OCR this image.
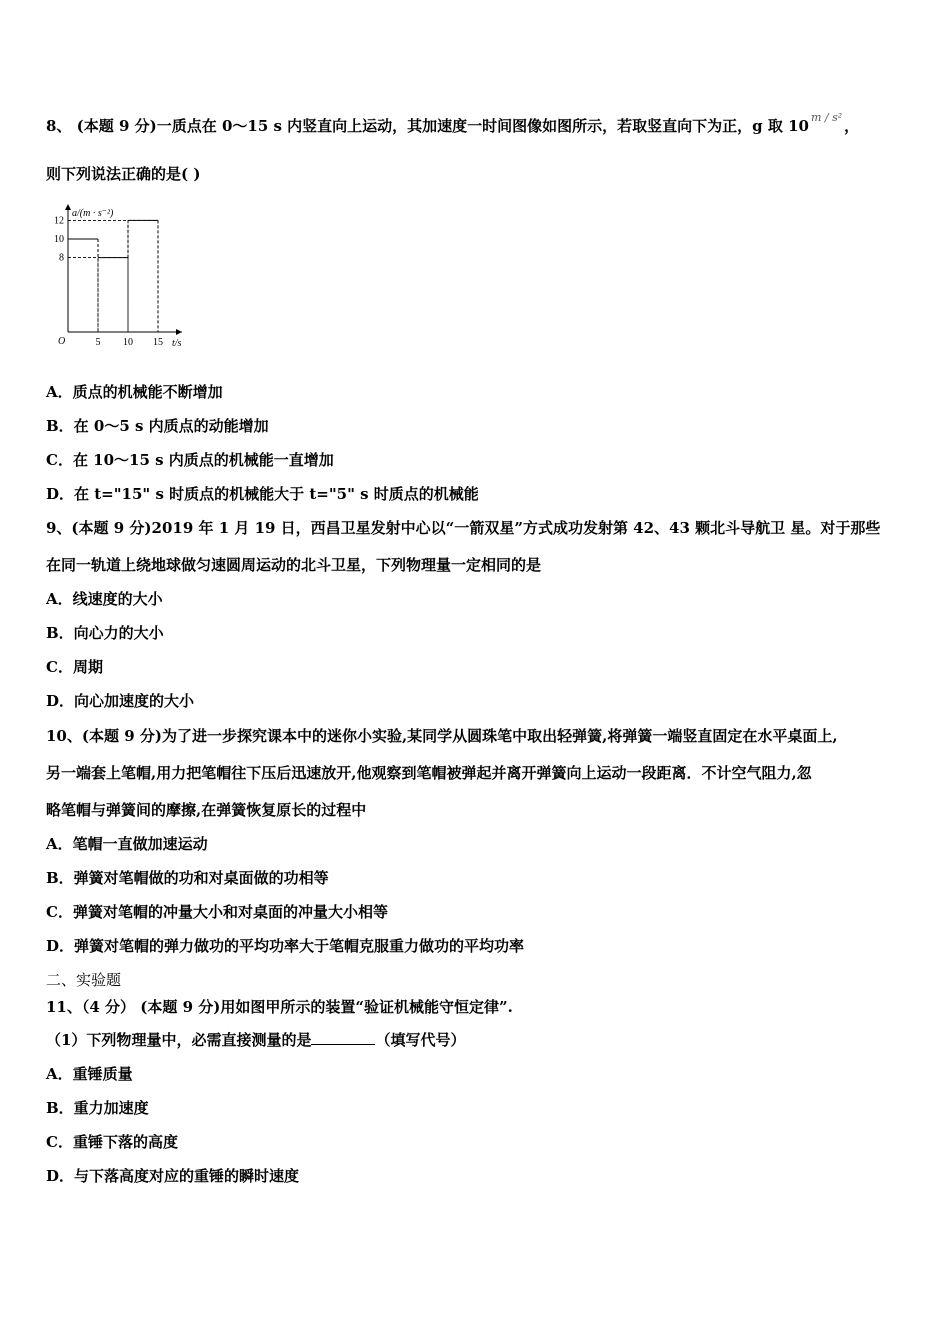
8、 (本题 9 分)一质点在 0～15 s 内竖直向上运动，其加速度一时间图像如图所示，若取竖直向下为正，g 取 10 $^{m / s^2}$ ，
则下列说法正确的是( )
a/(m · s⁻²)
t/s
O	5 10 15
12
10
8
A．质点的机械能不断增加
B．在 0～5 s 内质点的动能增加
C．在 10～15 s 内质点的机械能一直增加
D．在 t="15" s 时质点的机械能大于 t="5" s 时质点的机械能
9、(本题 9 分)2019 年 1 月 19 日，西昌卫星发射中心以“一箭双星”方式成功发射第 42、43 颗北斗导航卫 星。对于那些
在同一轨道上绕地球做匀速圆周运动的北斗卫星，下列物理量一定相同的是
A．线速度的大小
B．向心力的大小
C．周期
D．向心加速度的大小
10、(本题 9 分)为了进一步探究课本中的迷你小实验,某同学从圆珠笔中取出轻弹簧,将弹簧一端竖直固定在水平桌面上,
另一端套上笔帽,用力把笔帽往下压后迅速放开,他观察到笔帽被弹起并离开弹簧向上运动一段距离．不计空气阻力,忽
略笔帽与弹簧间的摩擦,在弹簧恢复原长的过程中
A．笔帽一直做加速运动
B．弹簧对笔帽做的功和对桌面做的功相等
C．弹簧对笔帽的冲量大小和对桌面的冲量大小相等
D．弹簧对笔帽的弹力做功的平均功率大于笔帽克服重力做功的平均功率
二、实验题
11、（4 分） (本题 9 分)用如图甲所示的装置“验证机械能守恒定律”.
（1）下列物理量中，必需直接测量的是	（填写代号）
A．重锤质量
B．重力加速度
C．重锤下落的高度
D．与下落高度对应的重锤的瞬时速度
